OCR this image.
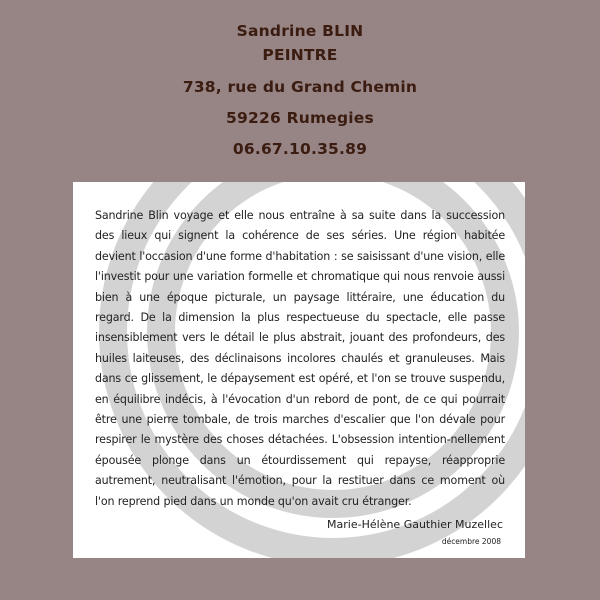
Sandrine BLIN
PEINTRE
738, rue du Grand Chemin
59226 Rumegies
06.67.10.35.89

Sandrine Blin voyage et elle nous entraîne à sa suite dans la succession des lieux qui signent la cohérence de ses séries. Une région habitée devient l'occasion d'une forme d'habitation : se saisissant d'une vision, elle l'investit pour une variation formelle et chromatique qui nous renvoie aussi bien à une époque picturale, un paysage littéraire, une éducation du regard. De la dimension la plus respectueuse du spectacle, elle passe insensiblement vers le détail le plus abstrait, jouant des profondeurs, des huiles laiteuses, des déclinaisons incolores chaulés et granuleuses. Mais dans ce glissement, le dépaysement est opéré, et l'on se trouve suspendu, en équilibre indécis, à l'évocation d'un rebord de pont, de ce qui pourrait être une pierre tombale, de trois marches d'escalier que l'on dévale pour respirer le mystère des choses détachées. L'obsession intention-nellement épousée plonge dans un étourdissement qui repayse, réapproprie autrement, neutralisant l'émotion, pour la restituer dans ce moment où l'on reprend pied dans un monde qu'on avait cru étranger.

Marie-Hélène Gauthier Muzellec
décembre 2008
